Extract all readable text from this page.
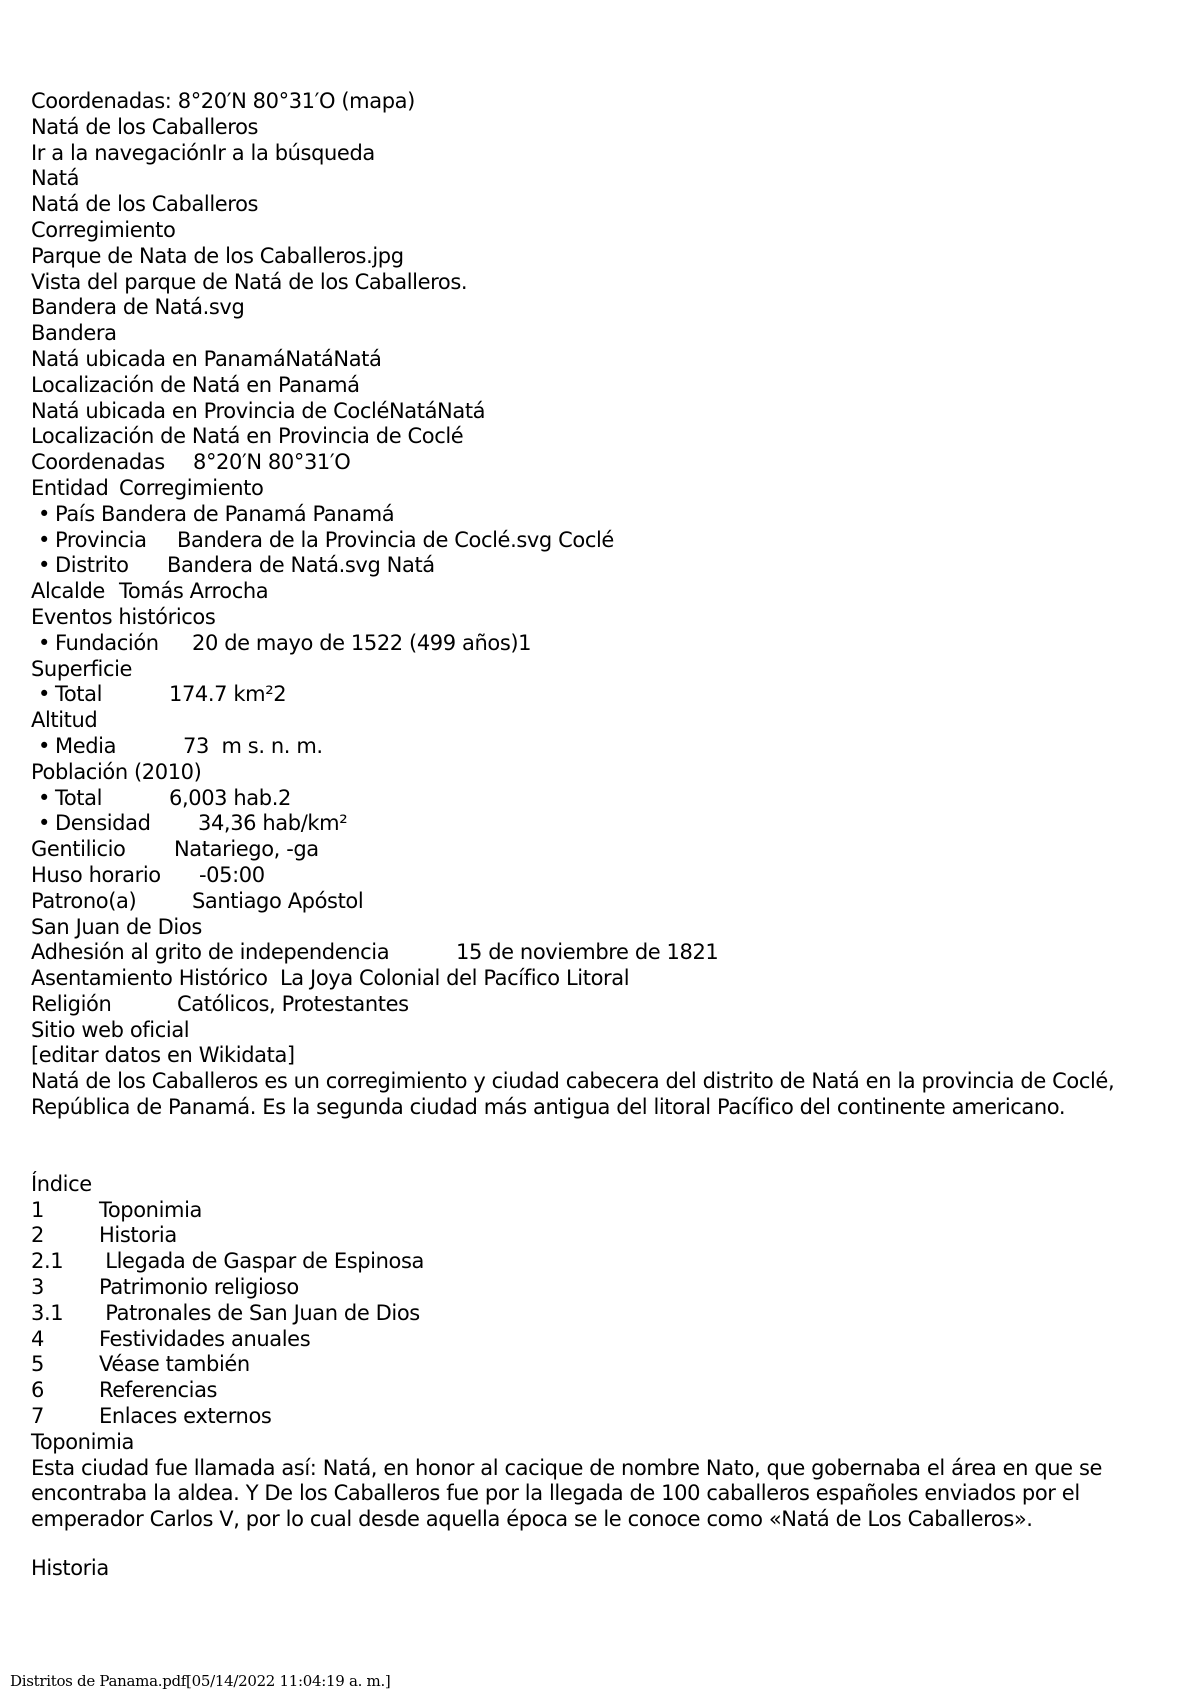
Coordenadas: 8°20′N 80°31′O (mapa)
Natá de los Caballeros
Ir a la navegaciónIr a la búsqueda
Natá
Natá de los Caballeros
Corregimiento
Parque de Nata de los Caballeros.jpg
Vista del parque de Natá de los Caballeros.
Bandera de Natá.svg
Bandera
Natá ubicada en PanamáNatáNatá
Localización de Natá en Panamá
Natá ubicada en Provincia de CocléNatáNatá
Localización de Natá en Provincia de Coclé
Coordenadas 8°20′N 80°31′O
Entidad Corregimiento
País Bandera de Panamá Panamá
Provincia Bandera de la Provincia de Coclé.svg Coclé
Distrito Bandera de Natá.svg Natá
Alcalde Tomás Arrocha
Eventos históricos
Fundación 20 de mayo de 1522 (499 años)1
Superficie
Total	174.7 km²2
Altitud
Media	73  m s. n. m.
Población (2010)
Total	6,003 hab.2
Densidad 34,36 hab/km²
Gentilicio Natariego, -ga
Huso horario -05:00
Patrono(a)	Santiago Apóstol
San Juan de Dios
Adhesión al grito de independencia	15 de noviembre de 1821
Asentamiento Histórico La Joya Colonial del Pacífico Litoral
Religión	Católicos, Protestantes
Sitio web oficial
[editar datos en Wikidata]
Natá de los Caballeros es un corregimiento y ciudad cabecera del distrito de Natá en la provincia de Coclé, República de Panamá. Es la segunda ciudad más antigua del litoral Pacífico del continente americano.
Índice
1	Toponimia
2	Historia
2.1 Llegada de Gaspar de Espinosa
3	Patrimonio religioso
3.1 Patronales de San Juan de Dios
4	Festividades anuales
5	Véase también
6	Referencias
7	Enlaces externos
Toponimia
Esta ciudad fue llamada así: Natá, en honor al cacique de nombre Nato, que gobernaba el área en que se encontraba la aldea. Y De los Caballeros fue por la llegada de 100 caballeros españoles enviados por el emperador Carlos V, por lo cual desde aquella época se le conoce como «Natá de Los Caballeros».
Historia
Distritos de Panama.pdf[05/14/2022 11:04:19 a. m.]
